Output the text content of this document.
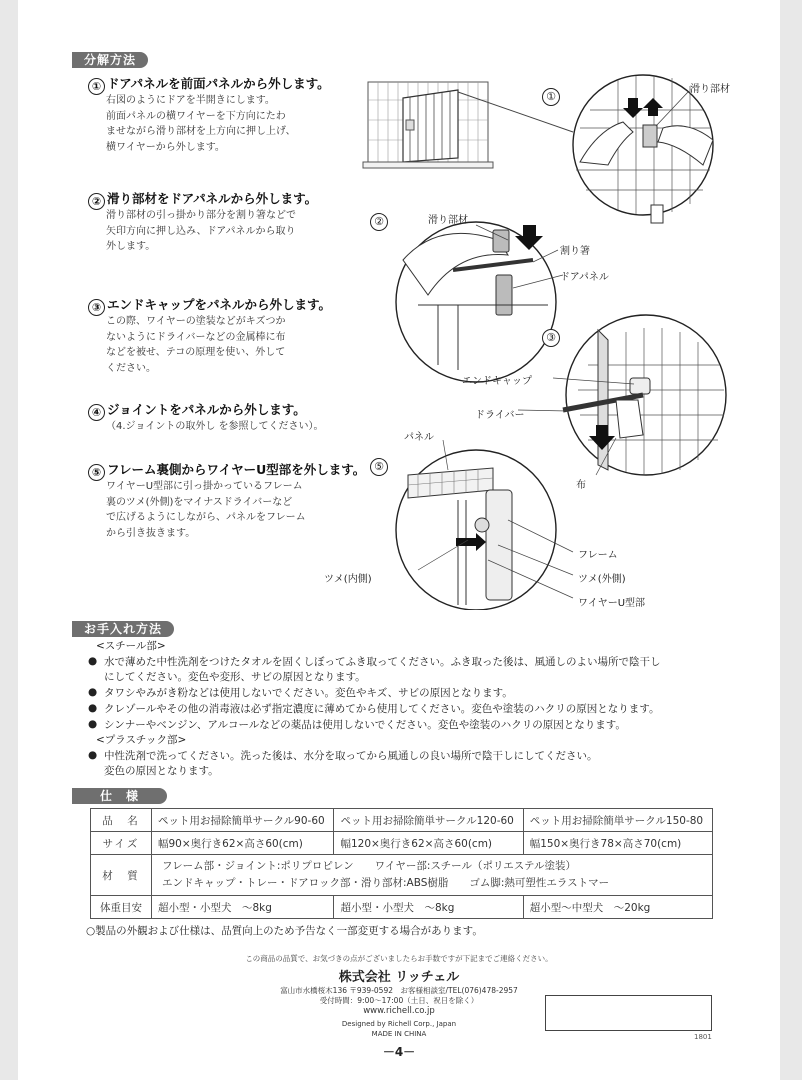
分解方法
① ドアパネルを前面パネルから外します。
右図のようにドアを半開きにします。
前面パネルの横ワイヤーを下方向にたわ
ませながら滑り部材を上方向に押し上げ、
横ワイヤーから外します。
② 滑り部材をドアパネルから外します。
滑り部材の引っ掛かり部分を割り箸などで
矢印方向に押し込み、ドアパネルから取り
外します。
③ エンドキャップをパネルから外します。
この際、ワイヤーの塗装などがキズつか
ないようにドライバーなどの金属棒に布
などを被せ、テコの原理を使い、外して
ください。
④ ジョイントをパネルから外します。
（4.ジョイントの取外し を参照してください）。
⑤ フレーム裏側からワイヤーU型部を外します。
ワイヤーU型部に引っ掛かっているフレーム
裏のツメ(外側)をマイナスドライバーなど
で広げるようにしながら、パネルをフレーム
から引き抜きます。
①
滑り部材
②	滑り部材
割り箸
ドアパネル
③
エンドキャップ
ドライバー
布
⑤
パネル
フレーム
ツメ(外側)
ワイヤーU型部
ツメ(内側)
お手入れ方法
<スチール部>
● 水で薄めた中性洗剤をつけたタオルを固くしぼってふき取ってください。ふき取った後は、風通しのよい場所で陰干し
にしてください。変色や変形、サビの原因となります。
● タワシやみがき粉などは使用しないでください。変色やキズ、サビの原因となります。
● クレゾールやその他の消毒液は必ず指定濃度に薄めてから使用してください。変色や塗装のハクリの原因となります。
● シンナーやベンジン、アルコールなどの薬品は使用しないでください。変色や塗装のハクリの原因となります。
<プラスチック部>
● 中性洗剤で洗ってください。洗った後は、水分を取ってから風通しの良い場所で陰干しにしてください。
変色の原因となります。
仕　様
品　名	ペット用お掃除簡単サークル90-60	ペット用お掃除簡単サークル120-60	ペット用お掃除簡単サークル150-80
サイズ	幅90×奥行き62×高さ60(cm)	幅120×奥行き62×高さ60(cm)	幅150×奥行き78×高さ70(cm)
材　質	フレーム部・ジョイント:ポリプロピレン　　ワイヤー部:スチール（ポリエステル塗装）
エンドキャップ・トレー・ドアロック部・滑り部材:ABS樹脂　　ゴム脚:熱可塑性エラストマー		

体重目安	超小型・小型犬　～8kg	超小型・小型犬　～8kg	超小型～中型犬　～20kg
○製品の外観および仕様は、品質向上のため予告なく一部変更する場合があります。
この商品の品質で、お気づきの点がございましたらお手数ですが下記までご連絡ください。
株式会社 リッチェル
富山市水橋桜木136 〒939-0592　お客様相談室/TEL(076)478-2957
受付時間：9:00～17:00（土日、祝日を除く）
www.richell.co.jp
Designed by Richell Corp., Japan
MADE IN CHINA
－4－
1801
